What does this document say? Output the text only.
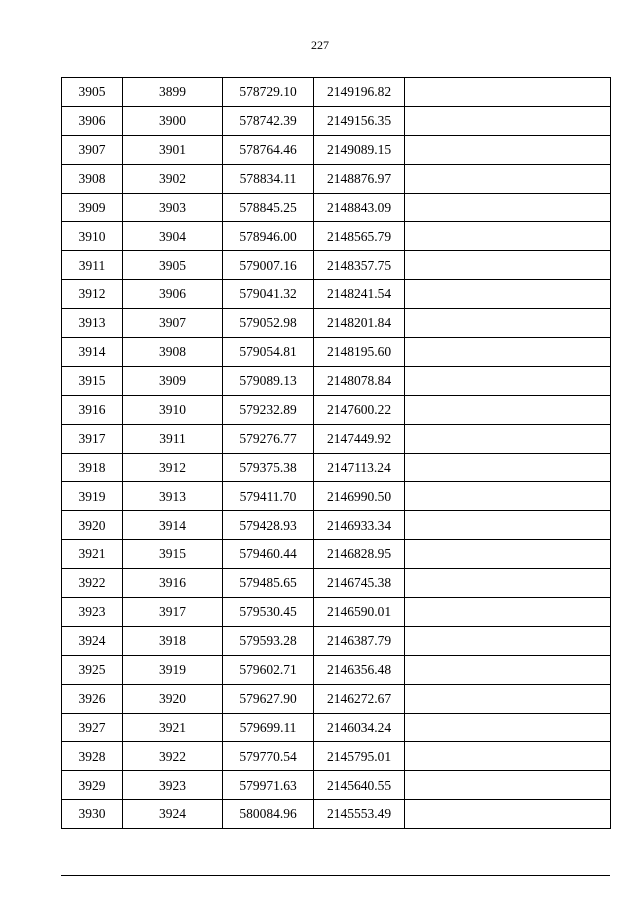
227
3905	3899	578729.10	2149196.82	
3906	3900	578742.39	2149156.35	
3907	3901	578764.46	2149089.15	
3908	3902	578834.11	2148876.97	
3909	3903	578845.25	2148843.09	
3910	3904	578946.00	2148565.79	
3911	3905	579007.16	2148357.75	
3912	3906	579041.32	2148241.54	
3913	3907	579052.98	2148201.84	
3914	3908	579054.81	2148195.60	
3915	3909	579089.13	2148078.84	
3916	3910	579232.89	2147600.22	
3917	3911	579276.77	2147449.92	
3918	3912	579375.38	2147113.24	
3919	3913	579411.70	2146990.50	
3920	3914	579428.93	2146933.34	
3921	3915	579460.44	2146828.95	
3922	3916	579485.65	2146745.38	
3923	3917	579530.45	2146590.01	
3924	3918	579593.28	2146387.79	
3925	3919	579602.71	2146356.48	
3926	3920	579627.90	2146272.67	
3927	3921	579699.11	2146034.24	
3928	3922	579770.54	2145795.01	
3929	3923	579971.63	2145640.55	
3930	3924	580084.96	2145553.49	
